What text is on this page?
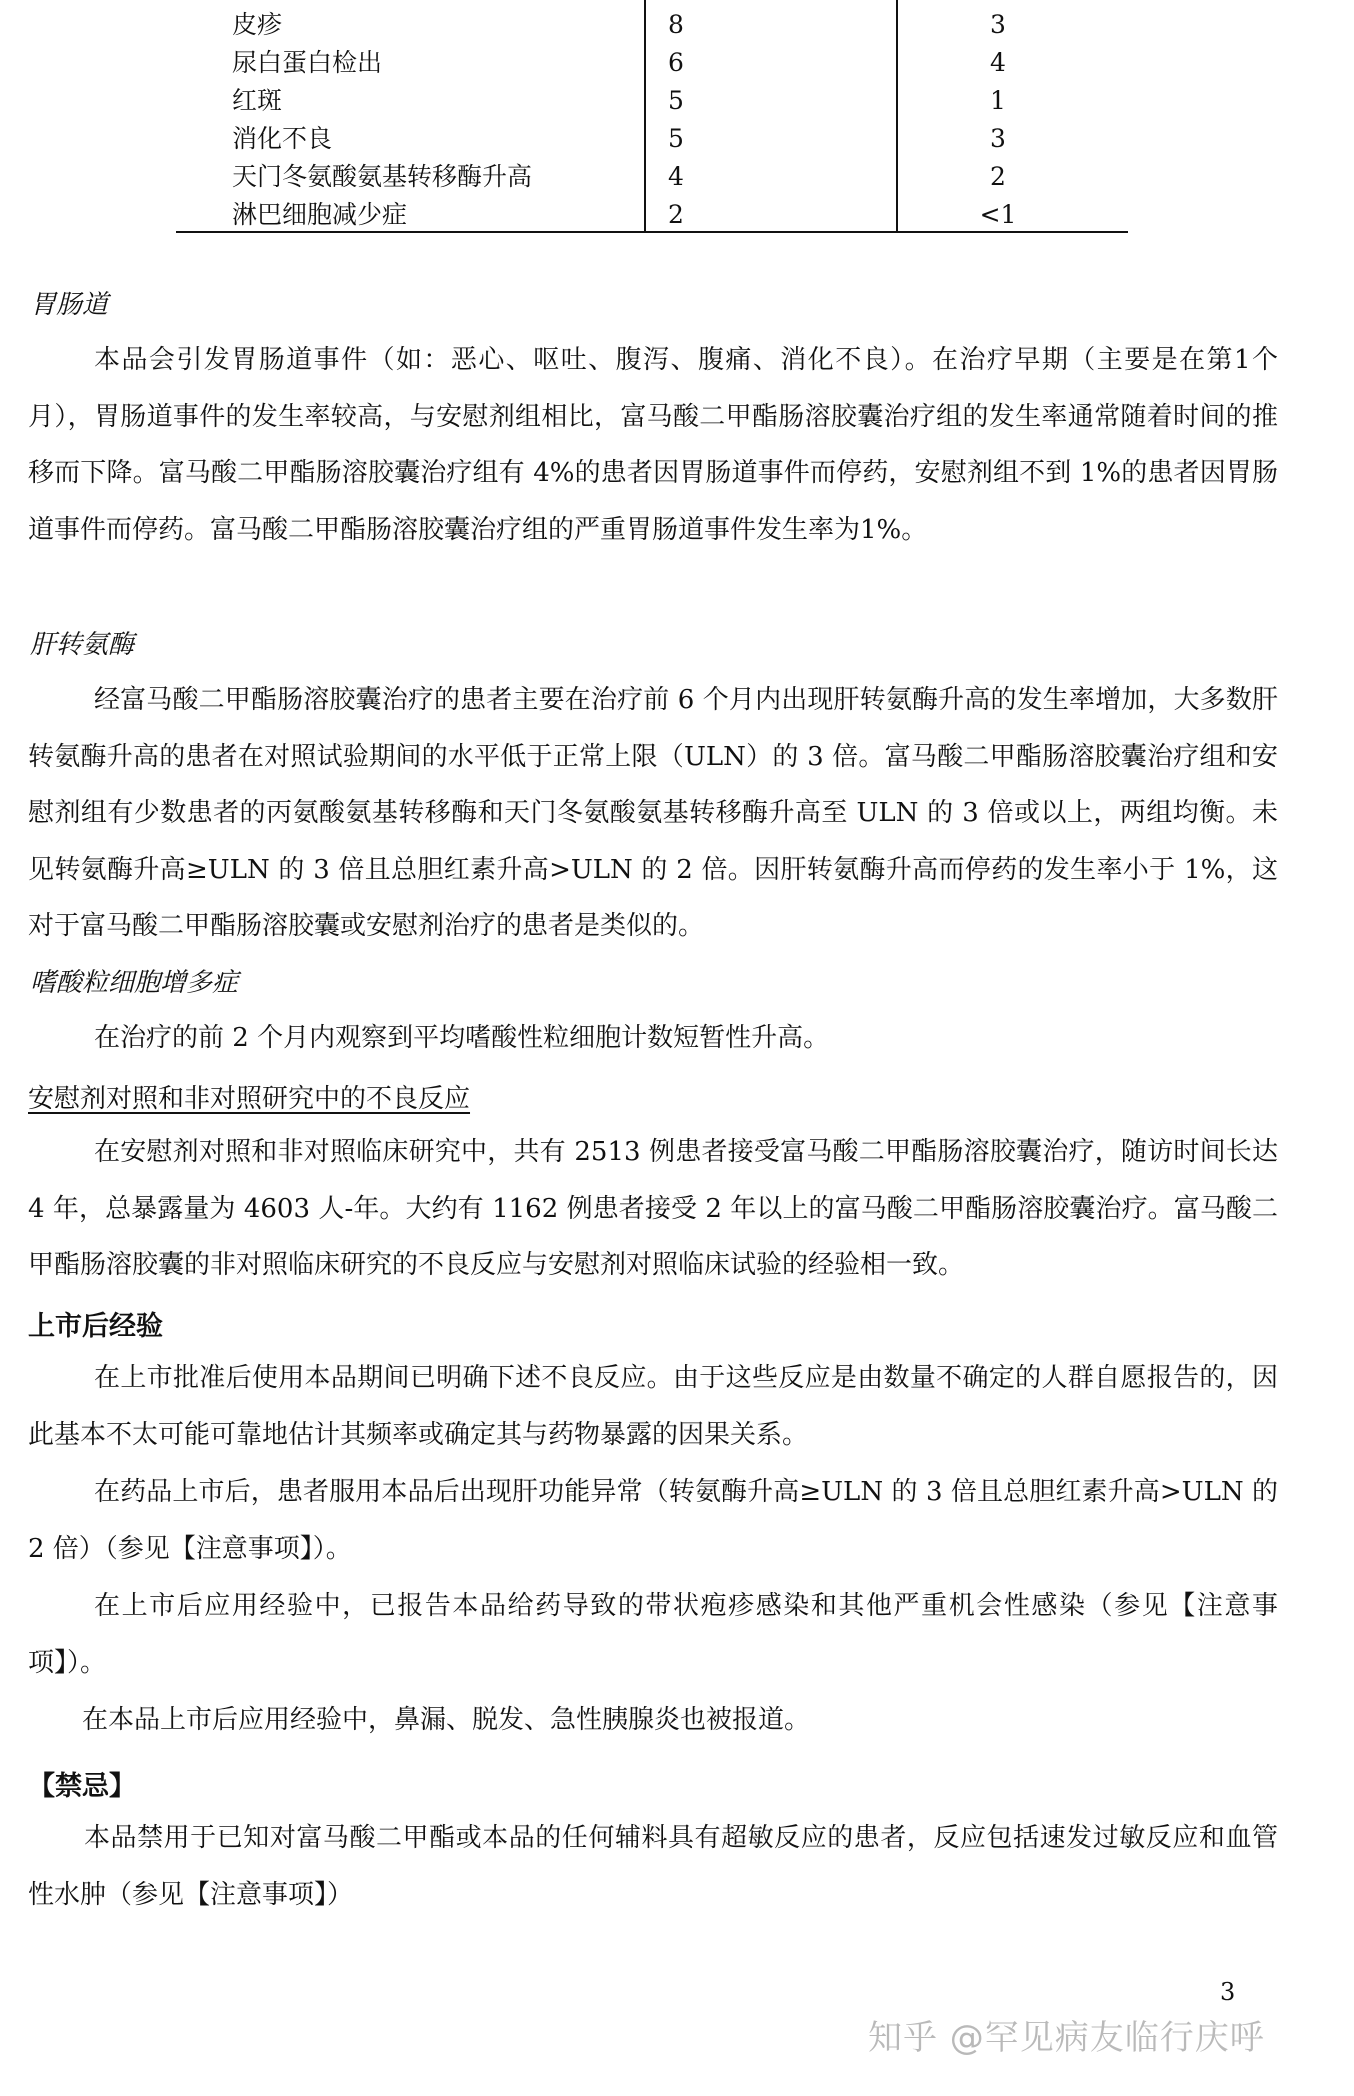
皮疹	8	3
尿白蛋白检出	6	4
红斑	5	1
消化不良	5	3
天门冬氨酸氨基转移酶升高	4	2
淋巴细胞减少症	2	<1
胃肠道
本品会引发胃肠道事件（如：恶心、呕吐、腹泻、腹痛、消化不良）。在治疗早期（主要是在第1个月），胃肠道事件的发生率较高，与安慰剂组相比，富马酸二甲酯肠溶胶囊治疗组的发生率通常随着时间的推移而下降。富马酸二甲酯肠溶胶囊治疗组有 4%的患者因胃肠道事件而停药，安慰剂组不到 1%的患者因胃肠道事件而停药。富马酸二甲酯肠溶胶囊治疗组的严重胃肠道事件发生率为1%。
肝转氨酶
经富马酸二甲酯肠溶胶囊治疗的患者主要在治疗前 6 个月内出现肝转氨酶升高的发生率增加，大多数肝转氨酶升高的患者在对照试验期间的水平低于正常上限（ULN）的 3 倍。富马酸二甲酯肠溶胶囊治疗组和安慰剂组有少数患者的丙氨酸氨基转移酶和天门冬氨酸氨基转移酶升高至 ULN 的 3 倍或以上，两组均衡。未见转氨酶升高≥ULN 的 3 倍且总胆红素升高>ULN 的 2 倍。因肝转氨酶升高而停药的发生率小于 1%，这对于富马酸二甲酯肠溶胶囊或安慰剂治疗的患者是类似的。
嗜酸粒细胞增多症
在治疗的前 2 个月内观察到平均嗜酸性粒细胞计数短暂性升高。
安慰剂对照和非对照研究中的不良反应
在安慰剂对照和非对照临床研究中，共有 2513 例患者接受富马酸二甲酯肠溶胶囊治疗，随访时间长达 4 年，总暴露量为 4603 人-年。大约有 1162 例患者接受 2 年以上的富马酸二甲酯肠溶胶囊治疗。富马酸二甲酯肠溶胶囊的非对照临床研究的不良反应与安慰剂对照临床试验的经验相一致。
上市后经验
在上市批准后使用本品期间已明确下述不良反应。由于这些反应是由数量不确定的人群自愿报告的，因此基本不太可能可靠地估计其频率或确定其与药物暴露的因果关系。
在药品上市后，患者服用本品后出现肝功能异常（转氨酶升高≥ULN 的 3 倍且总胆红素升高>ULN 的 2 倍）（参见【注意事项】）。
在上市后应用经验中，已报告本品给药导致的带状疱疹感染和其他严重机会性感染（参见【注意事项】）。
在本品上市后应用经验中，鼻漏、脱发、急性胰腺炎也被报道。
【禁忌】
本品禁用于已知对富马酸二甲酯或本品的任何辅料具有超敏反应的患者，反应包括速发过敏反应和血管性水肿（参见【注意事项】）
3
知乎 @罕见病友临行庆呼
